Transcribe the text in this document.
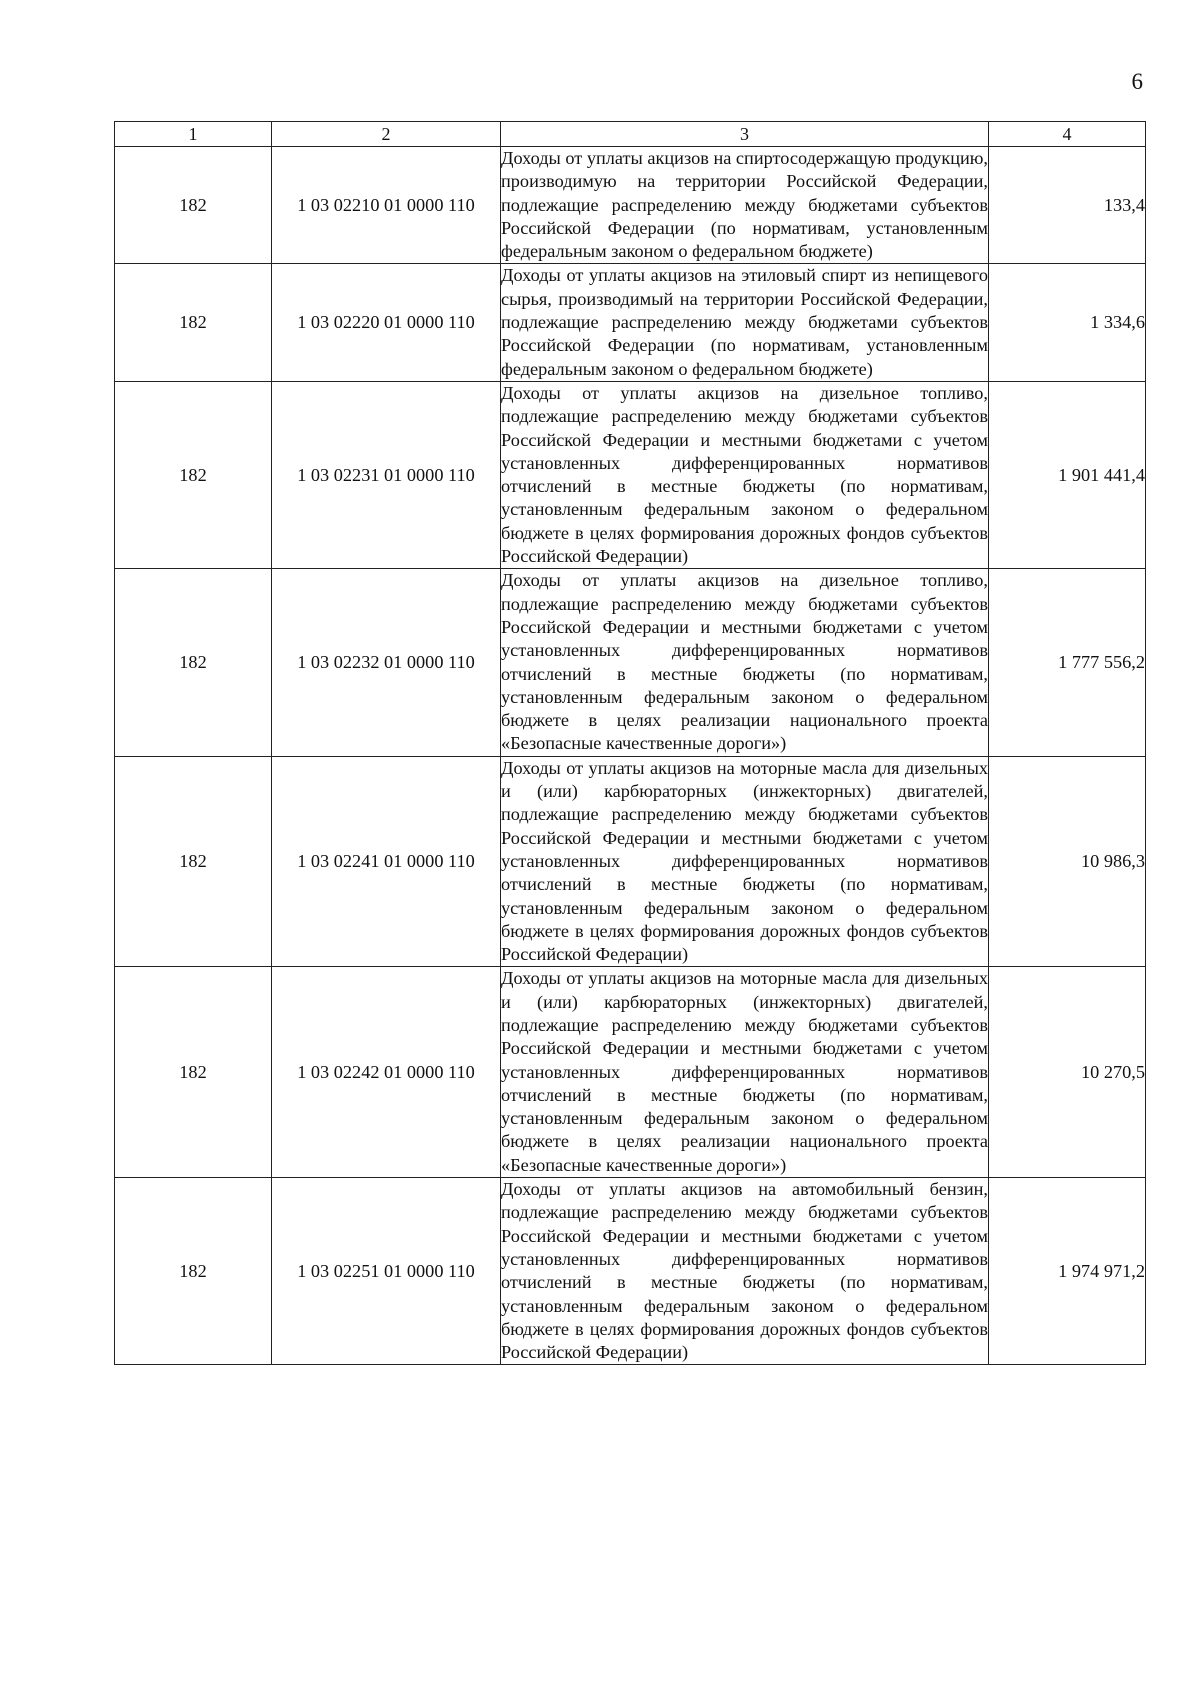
6
1	2	3	4
182	1 03 02210 01 0000 110	Доходы от уплаты акцизов на спиртосодержащую продукцию, производимую на территории Российской Федерации, подлежащие распределению между бюджетами субъектов Российской Федерации (по нормативам, установленным федеральным законом о федеральном бюджете)	133,4
182	1 03 02220 01 0000 110	Доходы от уплаты акцизов на этиловый спирт из непищевого сырья, производимый на территории Российской Федерации, подлежащие распределению между бюджетами субъектов Российской Федерации (по нормативам, установленным федеральным законом о федеральном бюджете)	1 334,6
182	1 03 02231 01 0000 110	Доходы от уплаты акцизов на дизельное топливо, подлежащие распределению между бюджетами субъектов Российской Федерации и местными бюджетами с учетом установленных дифференцированных нормативов отчислений в местные бюджеты (по нормативам, установленным федеральным законом о федеральном бюджете в целях формирования дорожных фондов субъектов Российской Федерации)	1 901 441,4
182	1 03 02232 01 0000 110	Доходы от уплаты акцизов на дизельное топливо, подлежащие распределению между бюджетами субъектов Российской Федерации и местными бюджетами с учетом установленных дифференцированных нормативов отчислений в местные бюджеты (по нормативам, установленным федеральным законом о федеральном бюджете в целях реализации национального проекта «Безопасные качественные дороги»)	1 777 556,2
182	1 03 02241 01 0000 110	Доходы от уплаты акцизов на моторные масла для дизельных и (или) карбюраторных (инжекторных) двигателей, подлежащие распределению между бюджетами субъектов Российской Федерации и местными бюджетами с учетом установленных дифференцированных нормативов отчислений в местные бюджеты (по нормативам, установленным федеральным законом о федеральном бюджете в целях формирования дорожных фондов субъектов Российской Федерации)	10 986,3
182	1 03 02242 01 0000 110	Доходы от уплаты акцизов на моторные масла для дизельных и (или) карбюраторных (инжекторных) двигателей, подлежащие распределению между бюджетами субъектов Российской Федерации и местными бюджетами с учетом установленных дифференцированных нормативов отчислений в местные бюджеты (по нормативам, установленным федеральным законом о федеральном бюджете в целях реализации национального проекта «Безопасные качественные дороги»)	10 270,5
182	1 03 02251 01 0000 110	Доходы от уплаты акцизов на автомобильный бензин, подлежащие распределению между бюджетами субъектов Российской Федерации и местными бюджетами с учетом установленных дифференцированных нормативов отчислений в местные бюджеты (по нормативам, установленным федеральным законом о федеральном бюджете в целях формирования дорожных фондов субъектов Российской Федерации)	1 974 971,2
